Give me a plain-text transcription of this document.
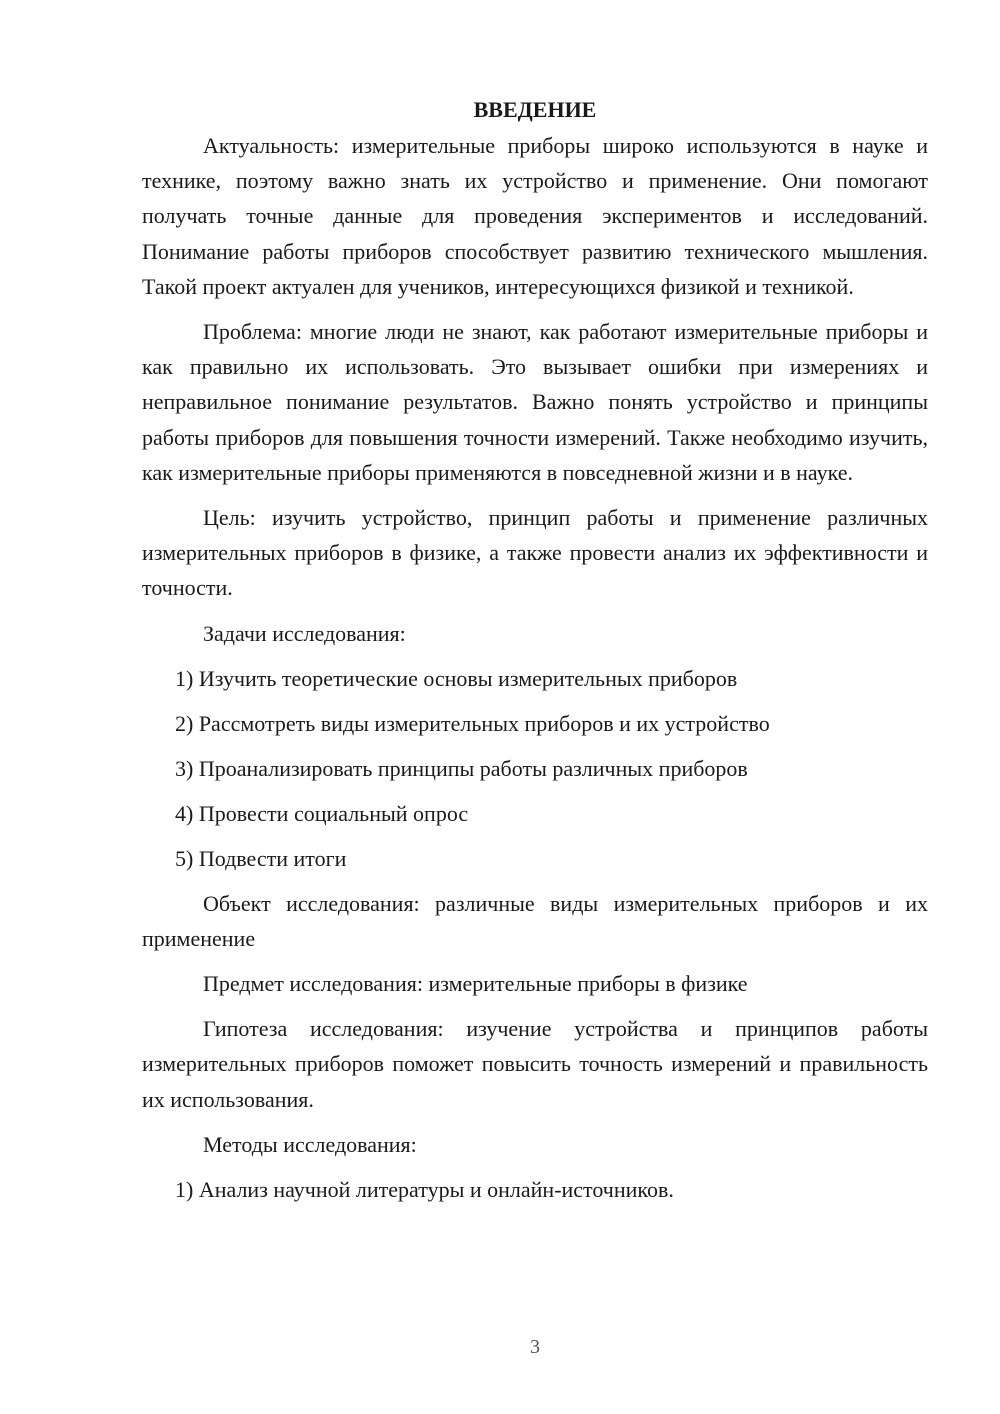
ВВЕДЕНИЕ

Актуальность: измерительные приборы широко используются в науке и технике, поэтому важно знать их устройство и применение. Они помогают получать точные данные для проведения экспериментов и исследований. Понимание работы приборов способствует развитию технического мышления. Такой проект актуален для учеников, интересующихся физикой и техникой.

Проблема: многие люди не знают, как работают измерительные приборы и как правильно их использовать. Это вызывает ошибки при измерениях и неправильное понимание результатов. Важно понять устройство и принципы работы приборов для повышения точности измерений. Также необходимо изучить, как измерительные приборы применяются в повседневной жизни и в науке.

Цель: изучить устройство, принцип работы и применение различных измерительных приборов в физике, а также провести анализ их эффективности и точности.

Задачи исследования:
1) Изучить теоретические основы измерительных приборов
2) Рассмотреть виды измерительных приборов и их устройство
3) Проанализировать принципы работы различных приборов
4) Провести социальный опрос
5) Подвести итоги

Объект исследования: различные виды измерительных приборов и их применение

Предмет исследования: измерительные приборы в физике

Гипотеза исследования: изучение устройства и принципов работы измерительных приборов поможет повысить точность измерений и правильность их использования.

Методы исследования:
1) Анализ научной литературы и онлайн-источников.
3
